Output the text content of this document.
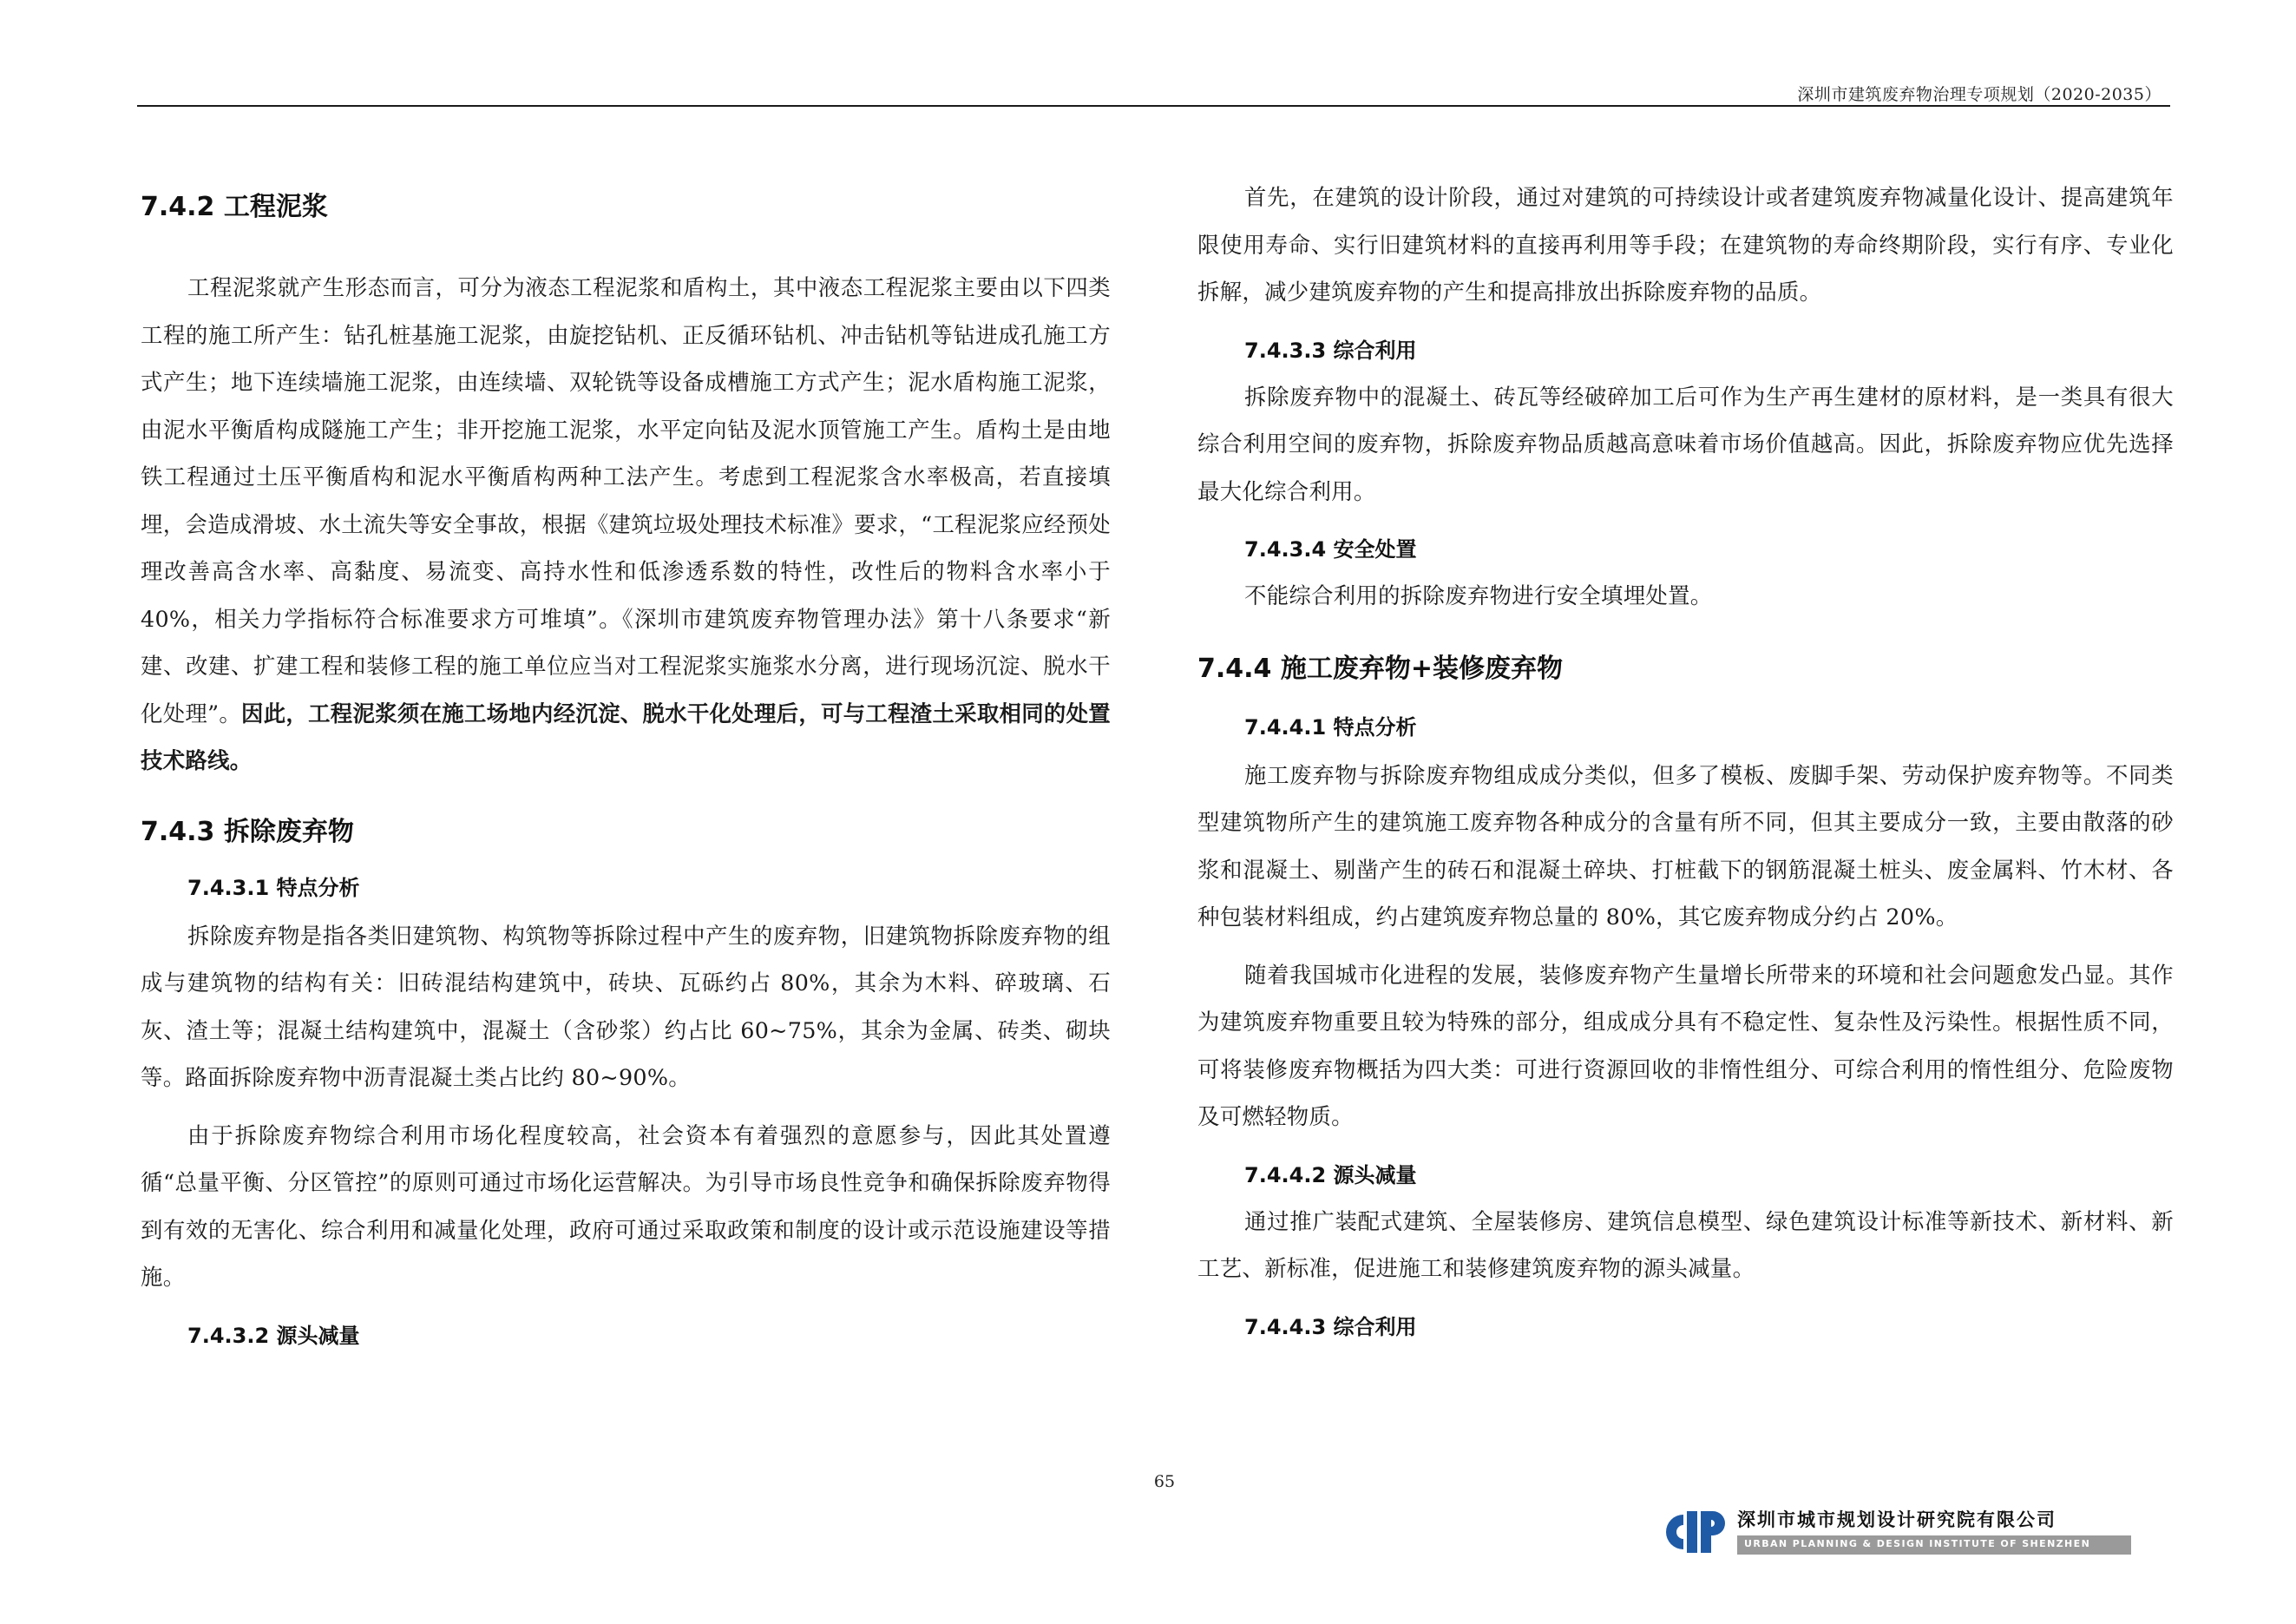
深圳市建筑废弃物治理专项规划（2020-2035）
7.4.2 工程泥浆

工程泥浆就产生形态而言，可分为液态工程泥浆和盾构土，其中液态工程泥浆主要由以下四类工程的施工所产生：钻孔桩基施工泥浆，由旋挖钻机、正反循环钻机、冲击钻机等钻进成孔施工方式产生；地下连续墙施工泥浆，由连续墙、双轮铣等设备成槽施工方式产生；泥水盾构施工泥浆，由泥水平衡盾构成隧施工产生；非开挖施工泥浆，水平定向钻及泥水顶管施工产生。盾构土是由地铁工程通过土压平衡盾构和泥水平衡盾构两种工法产生。考虑到工程泥浆含水率极高，若直接填埋，会造成滑坡、水土流失等安全事故，根据《建筑垃圾处理技术标准》要求，“工程泥浆应经预处理改善高含水率、高黏度、易流变、高持水性和低渗透系数的特性，改性后的物料含水率小于 40%，相关力学指标符合标准要求方可堆填”。《深圳市建筑废弃物管理办法》第十八条要求“新建、改建、扩建工程和装修工程的施工单位应当对工程泥浆实施浆水分离，进行现场沉淀、脱水干化处理”。因此，工程泥浆须在施工场地内经沉淀、脱水干化处理后，可与工程渣土采取相同的处置技术路线。

7.4.3 拆除废弃物
7.4.3.1 特点分析

拆除废弃物是指各类旧建筑物、构筑物等拆除过程中产生的废弃物，旧建筑物拆除废弃物的组成与建筑物的结构有关：旧砖混结构建筑中，砖块、瓦砾约占 80%，其余为木料、碎玻璃、石灰、渣土等；混凝土结构建筑中，混凝土（含砂浆）约占比 60~75%，其余为金属、砖类、砌块等。路面拆除废弃物中沥青混凝土类占比约 80~90%。

由于拆除废弃物综合利用市场化程度较高，社会资本有着强烈的意愿参与，因此其处置遵循“总量平衡、分区管控”的原则可通过市场化运营解决。为引导市场良性竞争和确保拆除废弃物得到有效的无害化、综合利用和减量化处理，政府可通过采取政策和制度的设计或示范设施建设等措施。

7.4.3.2 源头减量

首先，在建筑的设计阶段，通过对建筑的可持续设计或者建筑废弃物减量化设计、提高建筑年限使用寿命、实行旧建筑材料的直接再利用等手段；在建筑物的寿命终期阶段，实行有序、专业化拆解，减少建筑废弃物的产生和提高排放出拆除废弃物的品质。

7.4.3.3 综合利用

拆除废弃物中的混凝土、砖瓦等经破碎加工后可作为生产再生建材的原材料，是一类具有很大综合利用空间的废弃物，拆除废弃物品质越高意味着市场价值越高。因此，拆除废弃物应优先选择最大化综合利用。

7.4.3.4 安全处置

不能综合利用的拆除废弃物进行安全填埋处置。

7.4.4 施工废弃物+装修废弃物
7.4.4.1 特点分析

施工废弃物与拆除废弃物组成成分类似，但多了模板、废脚手架、劳动保护废弃物等。不同类型建筑物所产生的建筑施工废弃物各种成分的含量有所不同，但其主要成分一致，主要由散落的砂浆和混凝土、剔凿产生的砖石和混凝土碎块、打桩截下的钢筋混凝土桩头、废金属料、竹木材、各种包装材料组成，约占建筑废弃物总量的 80%，其它废弃物成分约占 20%。

随着我国城市化进程的发展，装修废弃物产生量增长所带来的环境和社会问题愈发凸显。其作为建筑废弃物重要且较为特殊的部分，组成成分具有不稳定性、复杂性及污染性。根据性质不同，可将装修废弃物概括为四大类：可进行资源回收的非惰性组分、可综合利用的惰性组分、危险废物及可燃轻物质。

7.4.4.2 源头减量

通过推广装配式建筑、全屋装修房、建筑信息模型、绿色建筑设计标准等新技术、新材料、新工艺、新标准，促进施工和装修建筑废弃物的源头减量。

7.4.4.3 综合利用
65
深圳市城市规划设计研究院有限公司
URBAN PLANNING & DESIGN INSTITUTE OF SHENZHEN
